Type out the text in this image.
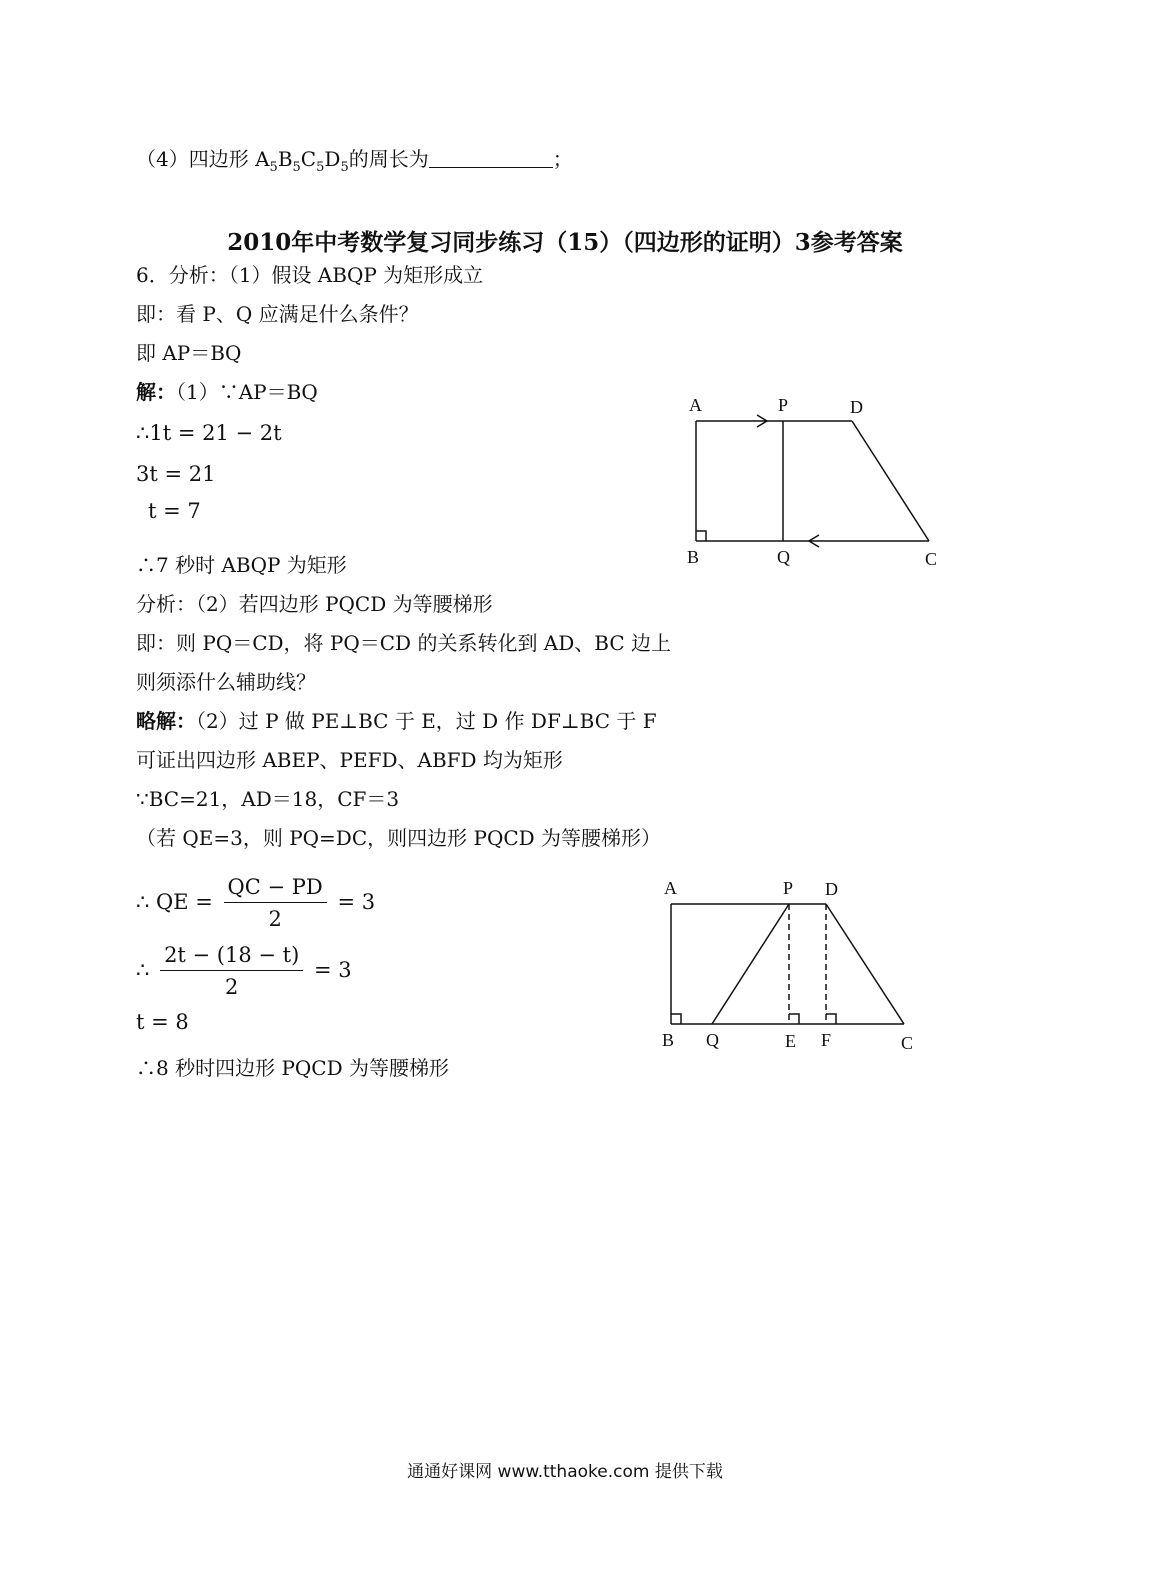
（4）四边形 $A_5B_5C_5D_5$的周长为	；
2010年中考数学复习同步练习（15）（四边形的证明）3参考答案
6．分析：（1）假设 ABQP 为矩形成立
即：看 P、Q 应满足什么条件？
即 AP＝BQ
解：（1）∵AP＝BQ
∴1t = 21 − 2t
3t = 21
t = 7
∴7 秒时 ABQP 为矩形
分析：（2）若四边形 PQCD 为等腰梯形
即：则 PQ＝CD，将 PQ＝CD 的关系转化到 AD、BC 边上
则须添什么辅助线？
略解：（2）过 P 做 PE⊥BC 于 E，过 D 作 DF⊥BC 于 F
可证出四边形 ABEP、PEFD、ABFD 均为矩形
∵BC=21，AD＝18，CF＝3
（若 QE=3，则 PQ=DC，则四边形 PQCD 为等腰梯形）
∴ QE = $\frac{QC - PD}{2} = 3$
∴ $\frac{2t - (18 - t)}{2} = 3$
t = 8
∴8 秒时四边形 PQCD 为等腰梯形
A	P	D
B	Q	C
A	P D
B Q	E F	C
通通好课网 www.tthaoke.com 提供下载
